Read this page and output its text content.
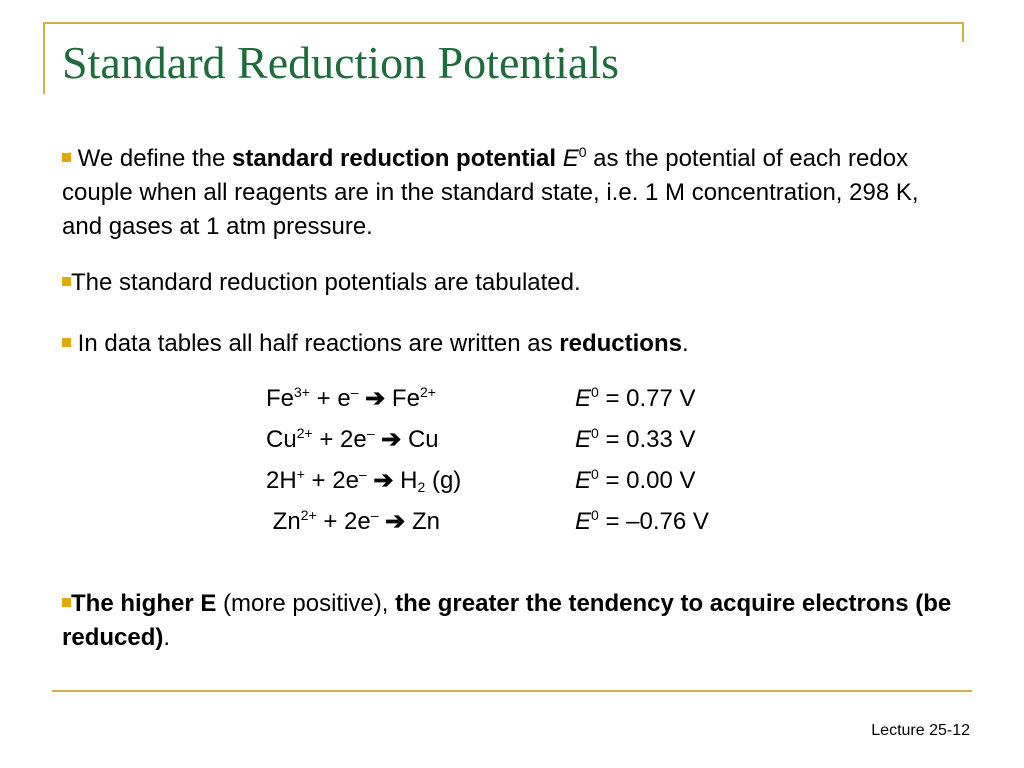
Standard Reduction Potentials
We define the standard reduction potential $E^0$ as the potential of each redox couple when all reagents are in the standard state, i.e. 1 M concentration, 298 K, and gases at 1 atm pressure.
The standard reduction potentials are tabulated.
In data tables all half reactions are written as reductions.
$Fe^{3+} + e^-$ ➔ $Fe^{2+}$	$E^0 = 0.77$ V
$Cu^{2+} + 2e^-$ ➔ Cu	$E^0 = 0.33$ V
2H+ + 2e– ➔ $H_2$ (g)	$E^0 = 0.00$ V
$Zn^{2+} + 2e^-$ ➔ Zn	$E^0 = -0.76$ V
The higher E (more positive), the greater the tendency to acquire electrons (be reduced).
Lecture 25-12
